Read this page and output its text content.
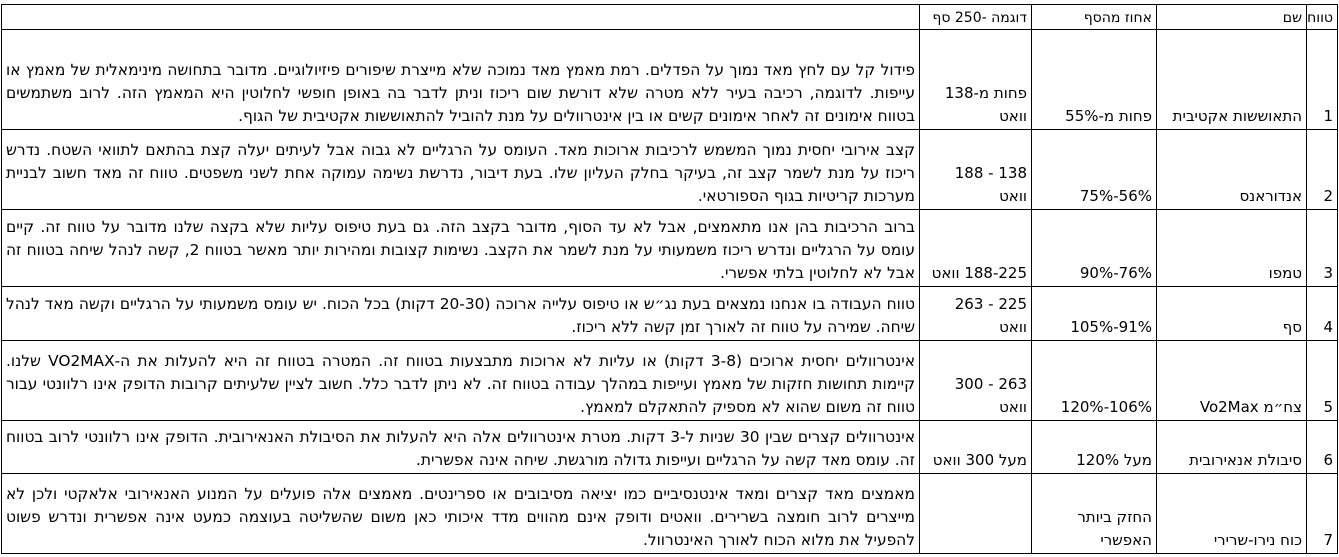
טווח	שם	אחוז מהסף	דוגמה -250 סף	
1	התאוששות אקטיבית	פחות מ-55%	פחות מ-138 וואט	פידול קל עם לחץ מאד נמוך על הפדלים. רמת מאמץ מאד נמוכה שלא מייצרת שיפורים פיזיולוגיים. מדובר בתחושה מינימאלית של מאמץ או עייפות. לדוגמה, רכיבה בעיר ללא מטרה שלא דורשת שום ריכוז וניתן לדבר בה באופן חופשי לחלוטין היא המאמץ הזה. לרוב משתמשים בטווח אימונים זה לאחר אימונים קשים או בין אינטרוולים על מנת להוביל להתאוששות אקטיבית של הגוף.
2	אנדוראנס	56%-75%	138 - 188 וואט	קצב אירובי יחסית נמוך המשמש לרכיבות ארוכות מאד. העומס על הרגליים לא גבוה אבל לעיתים יעלה קצת בהתאם לתוואי השטח. נדרש ריכוז על מנת לשמר קצב זה, בעיקר בחלק העליון שלו. בעת דיבור, נדרשת נשימה עמוקה אחת לשני משפטים. טווח זה מאד חשוב לבניית מערכות קריטיות בגוף הספורטאי.
3	טמפו	76%-90%	188-225 וואט	ברוב הרכיבות בהן אנו מתאמצים, אבל לא עד הסוף, מדובר בקצב הזה. גם בעת טיפוס עליות שלא בקצה שלנו מדובר על טווח זה. קיים עומס על הרגליים ונדרש ריכוז משמעותי על מנת לשמר את הקצב. נשימות קצובות ומהירות יותר מאשר בטווח 2, קשה לנהל שיחה בטווח זה אבל לא לחלוטין בלתי אפשרי.
4	סף	91%-105%	225 - 263 וואט	טווח העבודה בו אנחנו נמצאים בעת נג״ש או טיפוס עלייה ארוכה (20-30 דקות) בכל הכוח. יש עומס משמעותי על הרגליים וקשה מאד לנהל שיחה. שמירה על טווח זה לאורך זמן קשה ללא ריכוז.
5	צח״מ Vo2Max	106%-120%	263 - 300 וואט	אינטרוולים יחסית ארוכים (3-8 דקות) או עליות לא ארוכות מתבצעות בטווח זה. המטרה בטווח זה היא להעלות את ה-VO2MAX שלנו. קיימות תחושות חזקות של מאמץ ועייפות במהלך עבודה בטווח זה. לא ניתן לדבר כלל. חשוב לציין שלעיתים קרובות הדופק אינו רלוונטי עבור טווח זה משום שהוא לא מספיק להתאקלם למאמץ.
6	סיבולת אנאירובית	מעל 120%	מעל 300 וואט	אינטרוולים קצרים שבין 30 שניות ל-3 דקות. מטרת אינטרוולים אלה היא להעלות את הסיבולת האנאירובית. הדופק אינו רלוונטי לרוב בטווח זה. עומס מאד קשה על הרגליים ועייפות גדולה מורגשת. שיחה אינה אפשרית.
7	כוח נירו-שרירי	החזק ביותר האפשרי		מאמצים מאד קצרים ומאד אינטנסיביים כמו יציאה מסיבובים או ספרינטים. מאמצים אלה פועלים על המנוע האנאירובי אלאקטי ולכן לא מייצרים לרוב חומצה בשרירים. וואטים ודופק אינם מהווים מדד איכותי כאן משום שהשליטה בעוצמה כמעט אינה אפשרית ונדרש פשוט להפעיל את מלוא הכוח לאורך האינטרוול.
